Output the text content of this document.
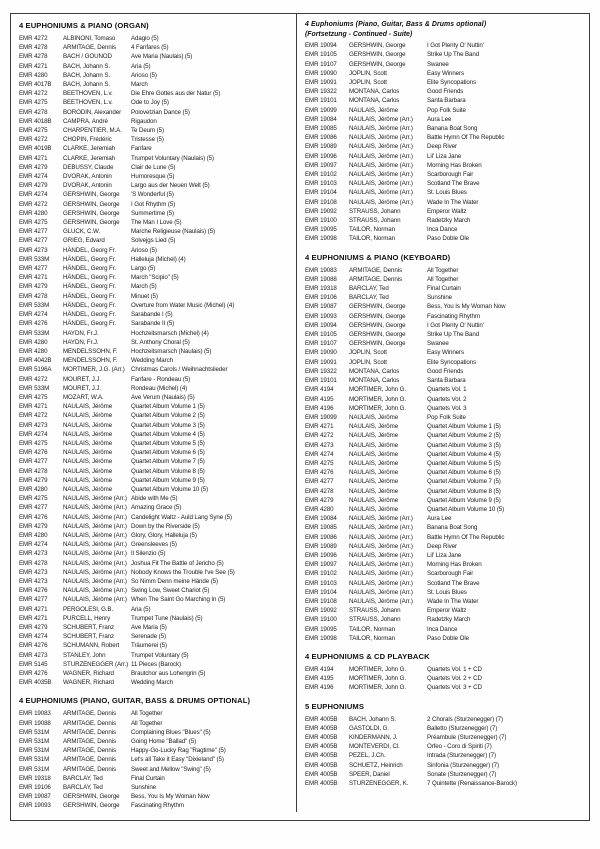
4 EUPHONIUMS & PIANO (ORGAN)
EMR 4272	ALBINONI, Tomaso	Adagio (5)
EMR 4278	ARMITAGE, Dennis	4 Fanfares (5)
EMR 4278	BACH / GOUNOD	Ave Maria (Naulais) (5)
EMR 4271	BACH, Johann S.	Aria (5)
EMR 4280	BACH, Johann S.	Arioso (5)
EMR 4017B	BACH, Johann S.	March
EMR 4272	BEETHOVEN, L.v.	Die Ehre Gottes aus der Natur (5)
EMR 4275	BEETHOVEN, L.v.	Ode to Joy (5)
EMR 4278	BORODIN, Alexander	Polovetzian Dance (5)
EMR 4018B	CAMPRA, André	Rigaudon
EMR 4275	CHARPENTIER, M.A.	Te Deum (5)
EMR 4272	CHOPIN, Frédéric	Tristesse (5)
EMR 4019B	CLARKE, Jeremiah	Fanfare
EMR 4271	CLARKE, Jeremiah	Trumpet Voluntary (Naulais) (5)
EMR 4279	DEBUSSY, Claude	Clair de Lune (5)
EMR 4274	DVORAK, Antonin	Humoresque (5)
EMR 4279	DVORAK, Antonin	Largo aus der Neuen Welt (5)
EMR 4274	GERSHWIN, George	'S Wonderful (5)
EMR 4272	GERSHWIN, George	I Got Rhythm (5)
EMR 4280	GERSHWIN, George	Summertime (5)
EMR 4275	GERSHWIN, George	The Man I Love (5)
EMR 4277	GLUCK, C.W.	Marche Religieuse (Naulais) (5)
EMR 4277	GRIEG, Edvard	Solvejgs Lied (5)
EMR 4273	HÄNDEL, Georg Fr.	Arioso (5)
EMR 533M	HÄNDEL, Georg Fr.	Halleluja (Michel) (4)
EMR 4277	HÄNDEL, Georg Fr.	Largo (5)
EMR 4271	HÄNDEL, Georg Fr.	March "Scipio" (5)
EMR 4279	HÄNDEL, Georg Fr.	March (5)
EMR 4278	HÄNDEL, Georg Fr.	Minuet (5)
EMR 533M	HÄNDEL, Georg Fr.	Overture from Water Music (Michel) (4)
EMR 4274	HÄNDEL, Georg Fr.	Sarabande I (5)
EMR 4276	HÄNDEL, Georg Fr.	Sarabande II (5)
EMR 533M	HAYDN, Fr.J.	Hochzeitsmarsch (Michel) (4)
EMR 4280	HAYDN, Fr.J.	St. Anthony Choral (5)
EMR 4280	MENDELSSOHN, F.	Hochzeitsmarsch (Naulais) (5)
EMR 4042B	MENDELSSOHN, F.	Wedding March
EMR 5196A	MORTIMER, J.G. (Arr.)	Christmas Carols / Weihnachtslieder
EMR 4272	MOURET, J.J.	Fanfare - Rondeau (5)
EMR 533M	MOURET, J.J.	Rondeau (Michel) (4)
EMR 4275	MOZART, W.A.	Ave Verum (Naulais) (5)
EMR 4271	NAULAIS, Jérôme	Quartet Album Volume 1 (5)
EMR 4272	NAULAIS, Jérôme	Quartet Album Volume 2 (5)
EMR 4273	NAULAIS, Jérôme	Quartet Album Volume 3 (5)
EMR 4274	NAULAIS, Jérôme	Quartet Album Volume 4 (5)
EMR 4275	NAULAIS, Jérôme	Quartet Album Volume 5 (5)
EMR 4276	NAULAIS, Jérôme	Quartet Album Volume 6 (5)
EMR 4277	NAULAIS, Jérôme	Quartet Album Volume 7 (5)
EMR 4278	NAULAIS, Jérôme	Quartet Album Volume 8 (5)
EMR 4279	NAULAIS, Jérôme	Quartet Album Volume 9 (5)
EMR 4280	NAULAIS, Jérôme	Quartet Album Volume 10 (5)
EMR 4275	NAULAIS, Jérôme (Arr.) Abide with Me (5)
EMR 4277	NAULAIS, Jérôme (Arr.) Amazing Grace (5)
EMR 4276	NAULAIS, Jérôme (Arr.) Candelight Waltz - Auld Lang Syne (5)
EMR 4279	NAULAIS, Jérôme (Arr.) Down by the Riverside (5)
EMR 4280	NAULAIS, Jérôme (Arr.) Glory, Glory, Halleluja (5)
EMR 4274	NAULAIS, Jérôme (Arr.) Greensleeves (5)
EMR 4273	NAULAIS, Jérôme (Arr.) Il Silenzio (5)
EMR 4278	NAULAIS, Jérôme (Arr.) Joshua Fit The Battle of Jericho (5)
EMR 4273	NAULAIS, Jérôme (Arr.) Nobody Knows the Trouble I've See (5)
EMR 4273	NAULAIS, Jérôme (Arr.) So Nimm Denn meine Hände (5)
EMR 4276	NAULAIS, Jérôme (Arr.) Swing Low, Sweet Chariot (5)
EMR 4277	NAULAIS, Jérôme (Arr.) When The Saint Go Marching In (5)
EMR 4271	PERGOLESI, G.B.	Aria (5)
EMR 4271	PURCELL, Henry	Trumpet Tune (Naulais) (5)
EMR 4279	SCHUBERT, Franz	Ave Maria (5)
EMR 4274	SCHUBERT, Franz	Serenade (5)
EMR 4276	SCHUMANN, Robert	Träumerei (5)
EMR 4273	STANLEY, John	Trumpet Voluntary (5)
EMR 5145	STURZENEGGER (Arr.) 11 Pieces (Barock)
EMR 4276	WAGNER, Richard	Brautchor aus Lohengrin (5)
EMR 4035B	WAGNER, Richard	Wedding March
4 EUPHONIUMS (PIANO, GUITAR, BASS & DRUMS OPTIONAL)
EMR 19083	ARMITAGE, Dennis	All Together
EMR 19088	ARMITAGE, Dennis	All Together
EMR 531M	ARMITAGE, Dennis	Complaining Blues "Blues" (5)
EMR 531M	ARMITAGE, Dennis	Going Home "Ballad" (5)
EMR 531M	ARMITAGE, Dennis	Happy-Go-Lucky Rag "Ragtime" (5)
EMR 531M	ARMITAGE, Dennis	Let's all Take it Easy "Dixieland" (5)
EMR 531M	ARMITAGE, Dennis	Sweet and Mellow "Swing" (5)
EMR 19318	BARCLAY, Ted	Final Curtain
EMR 19106	BARCLAY, Ted	Sunshine
EMR 19087	GERSHWIN, George	Bess, You Is My Woman Now
EMR 19093	GERSHWIN, George	Fascinating Rhythm
4 Euphoniums (Piano, Guitar, Bass & Drums optional)
(Fortsetzung - Continued - Suite)
EMR 19094	GERSHWIN, George	I Got Plenty O' Nuttin'
EMR 19105	GERSHWIN, George	Strike Up The Band
EMR 19107	GERSHWIN, George	Swanee
EMR 19090	JOPLIN, Scott	Easy Winners
EMR 19091	JOPLIN, Scott	Elite Syncopations
EMR 19322	MONTANA, Carlos	Good Friends
EMR 19101	MONTANA, Carlos	Santa Barbara
EMR 19099	NAULAIS, Jérôme	Pop Folk Suite
EMR 19084	NAULAIS, Jérôme (Arr.)	Aura Lee
EMR 19085	NAULAIS, Jérôme (Arr.)	Banana Boat Song
EMR 19086	NAULAIS, Jérôme (Arr.)	Battle Hymn Of The Republic
EMR 19089	NAULAIS, Jérôme (Arr.)	Deep River
EMR 19096	NAULAIS, Jérôme (Arr.)	Lil' Liza Jane
EMR 19097	NAULAIS, Jérôme (Arr.)	Morning Has Broken
EMR 19102	NAULAIS, Jérôme (Arr.)	Scarborough Fair
EMR 19103	NAULAIS, Jérôme (Arr.)	Scotland The Brave
EMR 19104	NAULAIS, Jérôme (Arr.)	St. Louis Blues
EMR 19108	NAULAIS, Jérôme (Arr.)	Wade In The Water
EMR 19092	STRAUSS, Johann	Emperor Waltz
EMR 19100	STRAUSS, Johann	Radetzky March
EMR 19095	TAILOR, Norman	Inca Dance
EMR 19098	TAILOR, Norman	Paso Doble Ole
4 EUPHONIUMS & PIANO (KEYBOARD)
EMR 19083	ARMITAGE, Dennis	All Together
EMR 19088	ARMITAGE, Dennis	All Together
EMR 19318	BARCLAY, Ted	Final Curtain
EMR 19106	BARCLAY, Ted	Sunshine
EMR 19087	GERSHWIN, George	Bess, You Is My Woman Now
EMR 19093	GERSHWIN, George	Fascinating Rhythm
EMR 19094	GERSHWIN, George	I Got Plenty O' Nuttin'
EMR 19105	GERSHWIN, George	Strike Up The Band
EMR 19107	GERSHWIN, George	Swanee
EMR 19090	JOPLIN, Scott	Easy Winners
EMR 19091	JOPLIN, Scott	Elite Syncopations
EMR 19322	MONTANA, Carlos	Good Friends
EMR 19101	MONTANA, Carlos	Santa Barbara
EMR 4194	MORTIMER, John G.	Quartets Vol. 1
EMR 4195	MORTIMER, John G.	Quartets Vol. 2
EMR 4196	MORTIMER, John G.	Quartets Vol. 3
EMR 19099	NAULAIS, Jérôme	Pop Folk Suite
EMR 4271	NAULAIS, Jérôme	Quartet Album Volume 1 (5)
EMR 4272	NAULAIS, Jérôme	Quartet Album Volume 2 (5)
EMR 4273	NAULAIS, Jérôme	Quartet Album Volume 3 (5)
EMR 4274	NAULAIS, Jérôme	Quartet Album Volume 4 (5)
EMR 4275	NAULAIS, Jérôme	Quartet Album Volume 5 (5)
EMR 4276	NAULAIS, Jérôme	Quartet Album Volume 6 (5)
EMR 4277	NAULAIS, Jérôme	Quartet Album Volume 7 (5)
EMR 4278	NAULAIS, Jérôme	Quartet Album Volume 8 (5)
EMR 4279	NAULAIS, Jérôme	Quartet Album Volume 9 (5)
EMR 4280	NAULAIS, Jérôme	Quartet Album Volume 10 (5)
EMR 19084	NAULAIS, Jérôme (Arr.)	Aura Lee
EMR 19085	NAULAIS, Jérôme (Arr.)	Banana Boat Song
EMR 19086	NAULAIS, Jérôme (Arr.)	Battle Hymn Of The Republic
EMR 19089	NAULAIS, Jérôme (Arr.)	Deep River
EMR 19096	NAULAIS, Jérôme (Arr.)	Lil' Liza Jane
EMR 19097	NAULAIS, Jérôme (Arr.)	Morning Has Broken
EMR 19102	NAULAIS, Jérôme (Arr.)	Scarborough Fair
EMR 19103	NAULAIS, Jérôme (Arr.)	Scotland The Brave
EMR 19104	NAULAIS, Jérôme (Arr.)	St. Louis Blues
EMR 19108	NAULAIS, Jérôme (Arr.)	Wade In The Water
EMR 19092	STRAUSS, Johann	Emperor Waltz
EMR 19100	STRAUSS, Johann	Radetzky March
EMR 19095	TAILOR, Norman	Inca Dance
EMR 19098	TAILOR, Norman	Paso Doble Ole
4 EUPHONIUMS & CD PLAYBACK
EMR 4194	MORTIMER, John G.	Quartets Vol. 1 + CD
EMR 4195	MORTIMER, John G.	Quartets Vol. 2 + CD
EMR 4196	MORTIMER, John G.	Quartets Vol. 3 + CD
5 EUPHONIUMS
EMR 4005B	BACH, Johann S.	2 Chorals (Sturzenegger) (7)
EMR 4005B	GASTOLDI, G.	Balletto (Sturzenegger) (7)
EMR 4005B	KINDERMANN, J.	Préambule (Sturzenegger) (7)
EMR 4005B	MONTEVERDI, Cl.	Orfeo - Coro di Spiriti (7)
EMR 4005B	PEZEL, J.Ch.	Intrada (Sturzenegger) (7)
EMR 4005B	SCHUETZ, Heinrich	Sinfonia (Sturzenegger) (7)
EMR 4005B	SPEER, Daniel	Sonate (Sturzenegger) (7)
EMR 4005B	STURZENEGGER, K.	7 Quintette (Renaissance-Barock)
